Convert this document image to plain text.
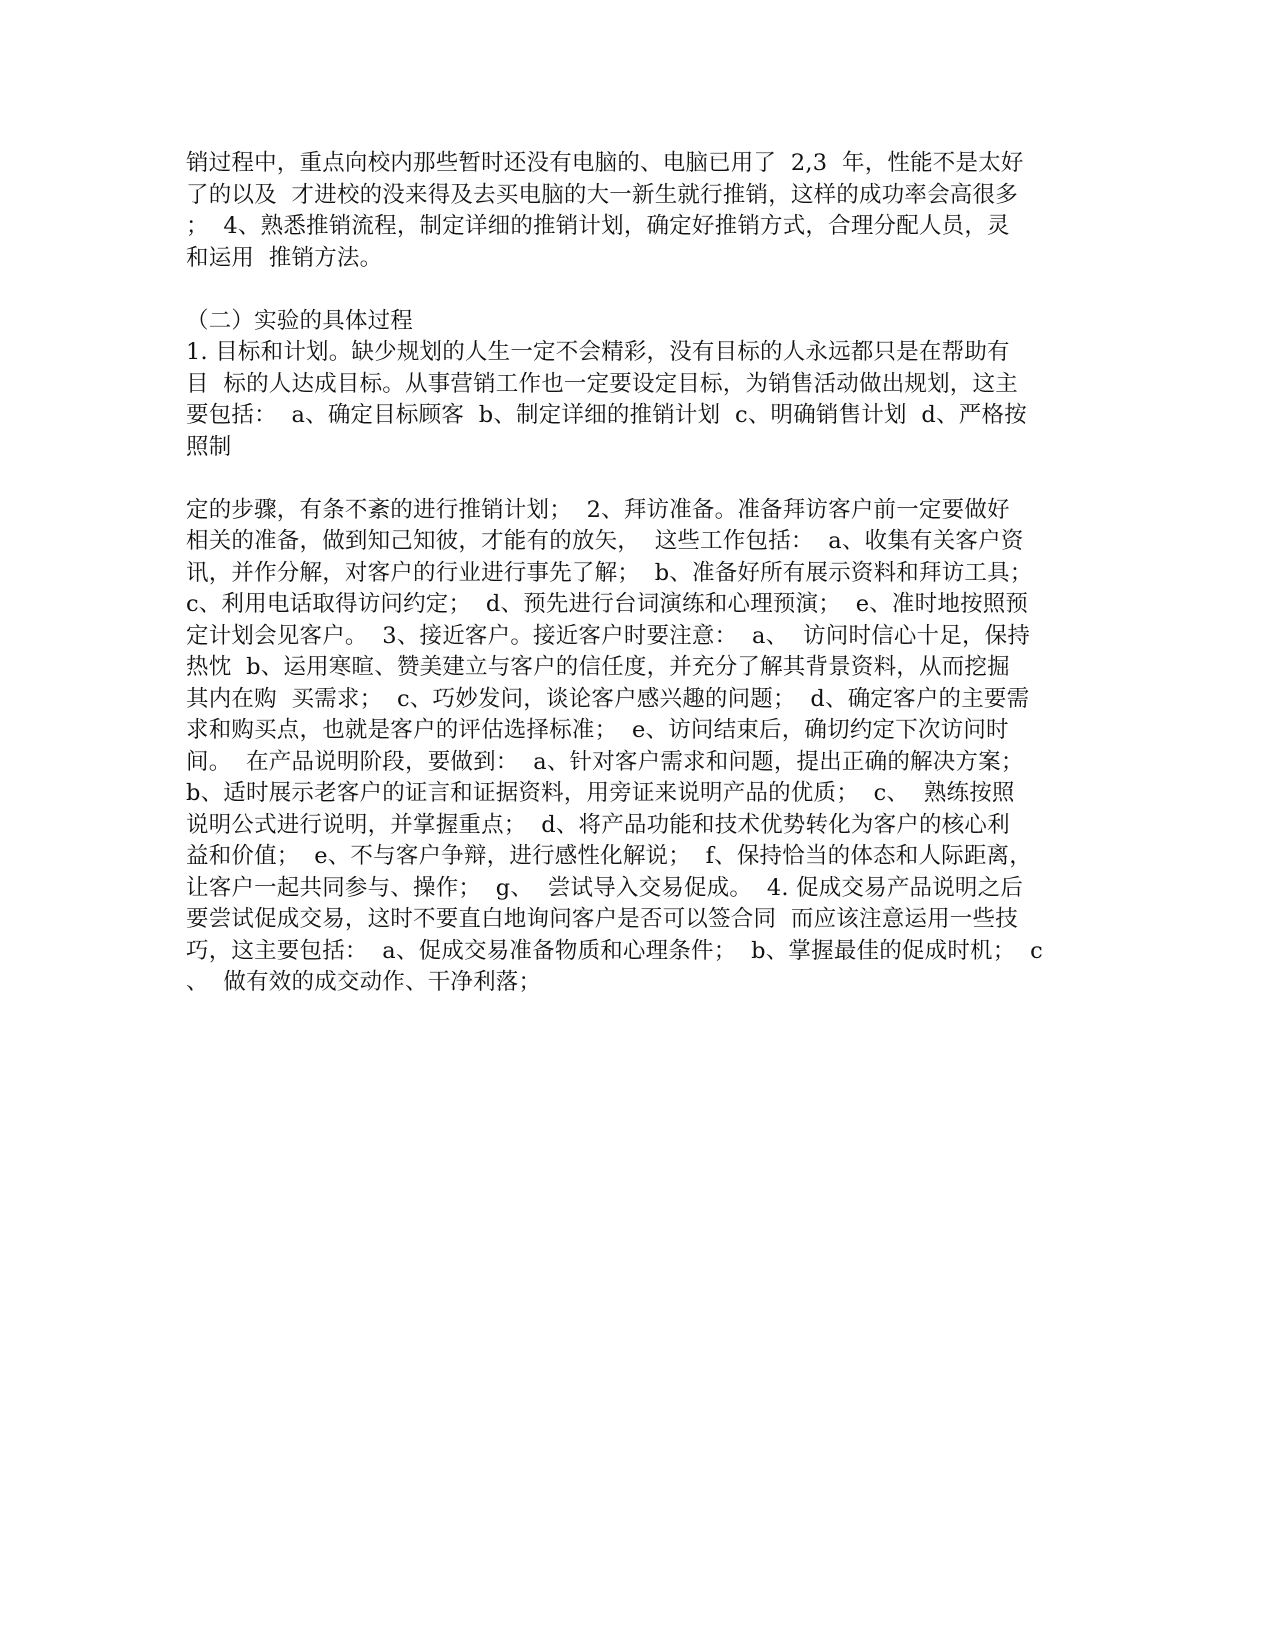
销过程中，重点向校内那些暂时还没有电脑的、电脑已用了  2,3  年，性能不是太好
了的以及  才进校的没来得及去买电脑的大一新生就行推销，这样的成功率会高很多
；  4、熟悉推销流程，制定详细的推销计划，确定好推销方式，合理分配人员，灵
和运用  推销方法。
（二）实验的具体过程
1. 目标和计划。缺少规划的人生一定不会精彩，没有目标的人永远都只是在帮助有
目  标的人达成目标。从事营销工作也一定要设定目标，为销售活动做出规划，这主
要包括：  a、确定目标顾客  b、制定详细的推销计划  c、明确销售计划  d、严格按
照制
定的步骤，有条不紊的进行推销计划；  2、拜访准备。准备拜访客户前一定要做好
相关的准备，做到知己知彼，才能有的放矢，  这些工作包括：  a、收集有关客户资
讯，并作分解，对客户的行业进行事先了解；  b、准备好所有展示资料和拜访工具；
c、利用电话取得访问约定；  d、预先进行台词演练和心理预演；  e、准时地按照预
定计划会见客户。  3、接近客户。接近客户时要注意：  a、  访问时信心十足，保持
热忱  b、运用寒暄、赞美建立与客户的信任度，并充分了解其背景资料，从而挖掘
其内在购  买需求；  c、巧妙发问，谈论客户感兴趣的问题；  d、确定客户的主要需
求和购买点，也就是客户的评估选择标准；  e、访问结束后，确切约定下次访问时
间。  在产品说明阶段，要做到：  a、针对客户需求和问题，提出正确的解决方案；
b、适时展示老客户的证言和证据资料，用旁证来说明产品的优质；  c、  熟练按照
说明公式进行说明，并掌握重点；  d、将产品功能和技术优势转化为客户的核心利
益和价值；  e、不与客户争辩，进行感性化解说；  f、保持恰当的体态和人际距离，
让客户一起共同参与、操作；  g、  尝试导入交易促成。  4. 促成交易产品说明之后
要尝试促成交易，这时不要直白地询问客户是否可以签合同  而应该注意运用一些技
巧，这主要包括：  a、促成交易准备物质和心理条件；  b、掌握最佳的促成时机；  c
、  做有效的成交动作、干净利落；
